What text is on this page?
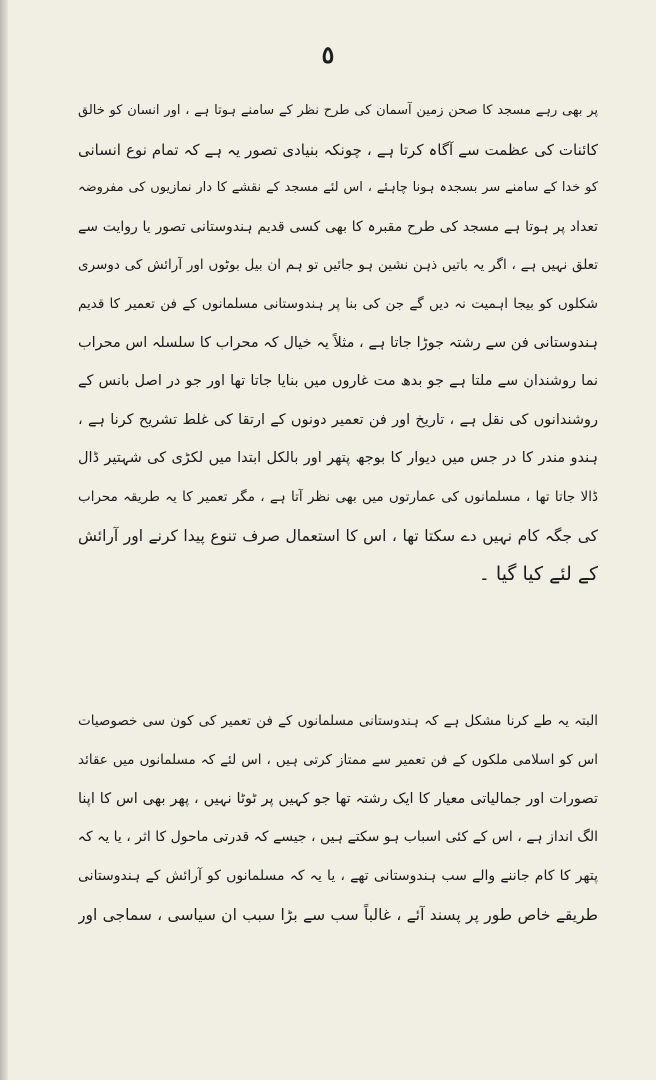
٥
پر بھی رہے مسجد کا صحن زمین آسمان کی طرح نظر کے سامنے ہوتا ہے ، اور انسان کو خالق
کائنات کی عظمت سے آگاہ کرتا ہے ، چونکہ بنیادی تصور یہ ہے کہ تمام نوع انسانی
کو خدا کے سامنے سر بسجدہ ہونا چاہئے ، اس لئے مسجد کے نقشے کا دار نمازیوں کی مفروضہ
تعداد پر ہوتا ہے مسجد کی طرح مقبرہ کا بھی کسی قدیم ہندوستانی تصور یا روایت سے
تعلق نہیں ہے ، اگر یہ باتیں ذہن نشین ہو جائیں تو ہم ان بیل بوٹوں اور آرائش کی دوسری
شکلوں کو بیجا اہمیت نہ دیں گے جن کی بنا پر ہندوستانی مسلمانوں کے فن تعمیر کا قدیم
ہندوستانی فن سے رشتہ جوڑا جاتا ہے ، مثلاً یہ خیال کہ محراب کا سلسلہ اس محراب
نما روشندان سے ملتا ہے جو بدھ مت غاروں میں بنایا جاتا تھا اور جو در اصل بانس کے
روشندانوں کی نقل ہے ، تاریخ اور فن تعمیر دونوں کے ارتقا کی غلط تشریح کرنا ہے ،
ہندو مندر کا در جس میں دیوار کا بوجھ پتھر اور بالکل ابتدا میں لکڑی کی شہتیر ڈال
ڈالا جاتا تھا ، مسلمانوں کی عمارتوں میں بھی نظر آتا ہے ، مگر تعمیر کا یہ طریقہ محراب
کی جگہ کام نہیں دے سکتا تھا ، اس کا استعمال صرف تنوع پیدا کرنے اور آرائش
کے لئے کیا گیا ۔
البتہ یہ طے کرنا مشکل ہے کہ ہندوستانی مسلمانوں کے فن تعمیر کی کون سی خصوصیات
اس کو اسلامی ملکوں کے فن تعمیر سے ممتاز کرتی ہیں ، اس لئے کہ مسلمانوں میں عقائد
تصورات اور جمالیاتی معیار کا ایک رشتہ تھا جو کہیں پر ٹوٹا نہیں ، پھر بھی اس کا اپنا
الگ انداز ہے ، اس کے کئی اسباب ہو سکتے ہیں ، جیسے کہ قدرتی ماحول کا اثر ، یا یہ کہ
پتھر کا کام جاننے والے سب ہندوستانی تھے ، یا یہ کہ مسلمانوں کو آرائش کے ہندوستانی
طریقے خاص طور پر پسند آئے ، غالباً سب سے بڑا سبب ان سیاسی ، سماجی اور
